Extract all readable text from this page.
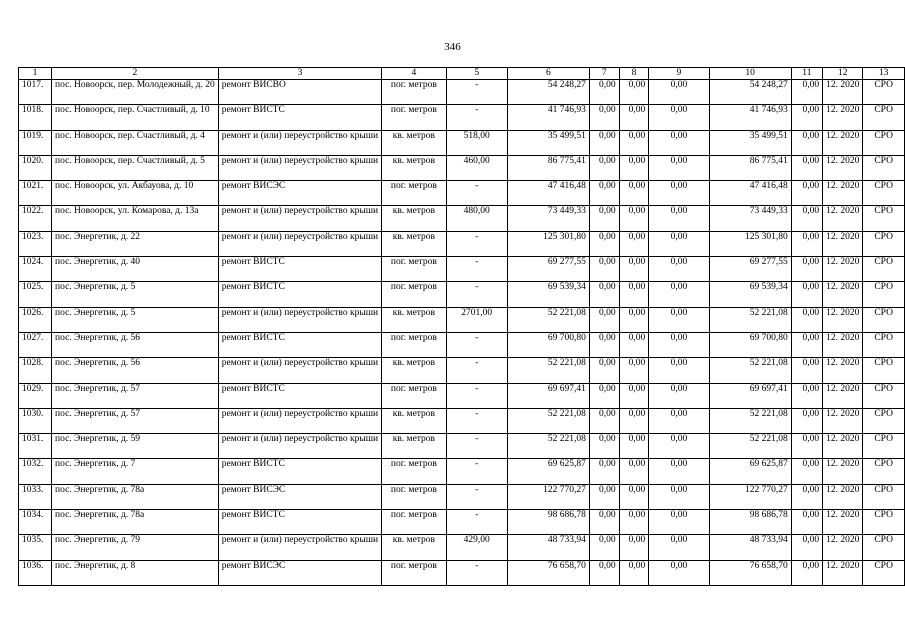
346
1	2	3	4	5	6	7	8	9	10	11	12	13
1017.	пос. Новоорск, пер. Молодежный, д. 20	ремонт ВИСВО	пог. метров	-	54 248,27	0,00	0,00	0,00	54 248,27	0,00	12. 2020	СРО
1018.	пос. Новоорск, пер. Счастливый, д. 10	ремонт ВИСТС	пог. метров	-	41 746,93	0,00	0,00	0,00	41 746,93	0,00	12. 2020	СРО
1019.	пос. Новоорск, пер. Счастливый, д. 4	ремонт и (или) переустройство крыши	кв. метров	518,00	35 499,51	0,00	0,00	0,00	35 499,51	0,00	12. 2020	СРО
1020.	пос. Новоорск, пер. Счастливый, д. 5	ремонт и (или) переустройство крыши	кв. метров	460,00	86 775,41	0,00	0,00	0,00	86 775,41	0,00	12. 2020	СРО
1021.	пос. Новоорск, ул. Акбауова, д. 10	ремонт ВИСЭС	пог. метров	-	47 416,48	0,00	0,00	0,00	47 416,48	0,00	12. 2020	СРО
1022.	пос. Новоорск, ул. Комарова, д. 13а	ремонт и (или) переустройство крыши	кв. метров	480,00	73 449,33	0,00	0,00	0,00	73 449,33	0,00	12. 2020	СРО
1023.	пос. Энергетик, д. 22	ремонт и (или) переустройство крыши	кв. метров	-	125 301,80	0,00	0,00	0,00	125 301,80	0,00	12. 2020	СРО
1024.	пос. Энергетик, д. 40	ремонт ВИСТС	пог. метров	-	69 277,55	0,00	0,00	0,00	69 277,55	0,00	12. 2020	СРО
1025.	пос. Энергетик, д. 5	ремонт ВИСТС	пог. метров	-	69 539,34	0,00	0,00	0,00	69 539,34	0,00	12. 2020	СРО
1026.	пос. Энергетик, д. 5	ремонт и (или) переустройство крыши	кв. метров	2701,00	52 221,08	0,00	0,00	0,00	52 221,08	0,00	12. 2020	СРО
1027.	пос. Энергетик, д. 56	ремонт ВИСТС	пог. метров	-	69 700,80	0,00	0,00	0,00	69 700,80	0,00	12. 2020	СРО
1028.	пос. Энергетик, д. 56	ремонт и (или) переустройство крыши	кв. метров	-	52 221,08	0,00	0,00	0,00	52 221,08	0,00	12. 2020	СРО
1029.	пос. Энергетик, д. 57	ремонт ВИСТС	пог. метров	-	69 697,41	0,00	0,00	0,00	69 697,41	0,00	12. 2020	СРО
1030.	пос. Энергетик, д. 57	ремонт и (или) переустройство крыши	кв. метров	-	52 221,08	0,00	0,00	0,00	52 221,08	0,00	12. 2020	СРО
1031.	пос. Энергетик, д. 59	ремонт и (или) переустройство крыши	кв. метров	-	52 221,08	0,00	0,00	0,00	52 221,08	0,00	12. 2020	СРО
1032.	пос. Энергетик, д. 7	ремонт ВИСТС	пог. метров	-	69 625,87	0,00	0,00	0,00	69 625,87	0,00	12. 2020	СРО
1033.	пос. Энергетик, д. 78а	ремонт ВИСЭС	пог. метров	-	122 770,27	0,00	0,00	0,00	122 770,27	0,00	12. 2020	СРО
1034.	пос. Энергетик, д. 78а	ремонт ВИСТС	пог. метров	-	98 686,78	0,00	0,00	0,00	98 686,78	0,00	12. 2020	СРО
1035.	пос. Энергетик, д. 79	ремонт и (или) переустройство крыши	кв. метров	429,00	48 733,94	0,00	0,00	0,00	48 733,94	0,00	12. 2020	СРО
1036.	пос. Энергетик, д. 8	ремонт ВИСЭС	пог. метров	-	76 658,70	0,00	0,00	0,00	76 658,70	0,00	12. 2020	СРО
